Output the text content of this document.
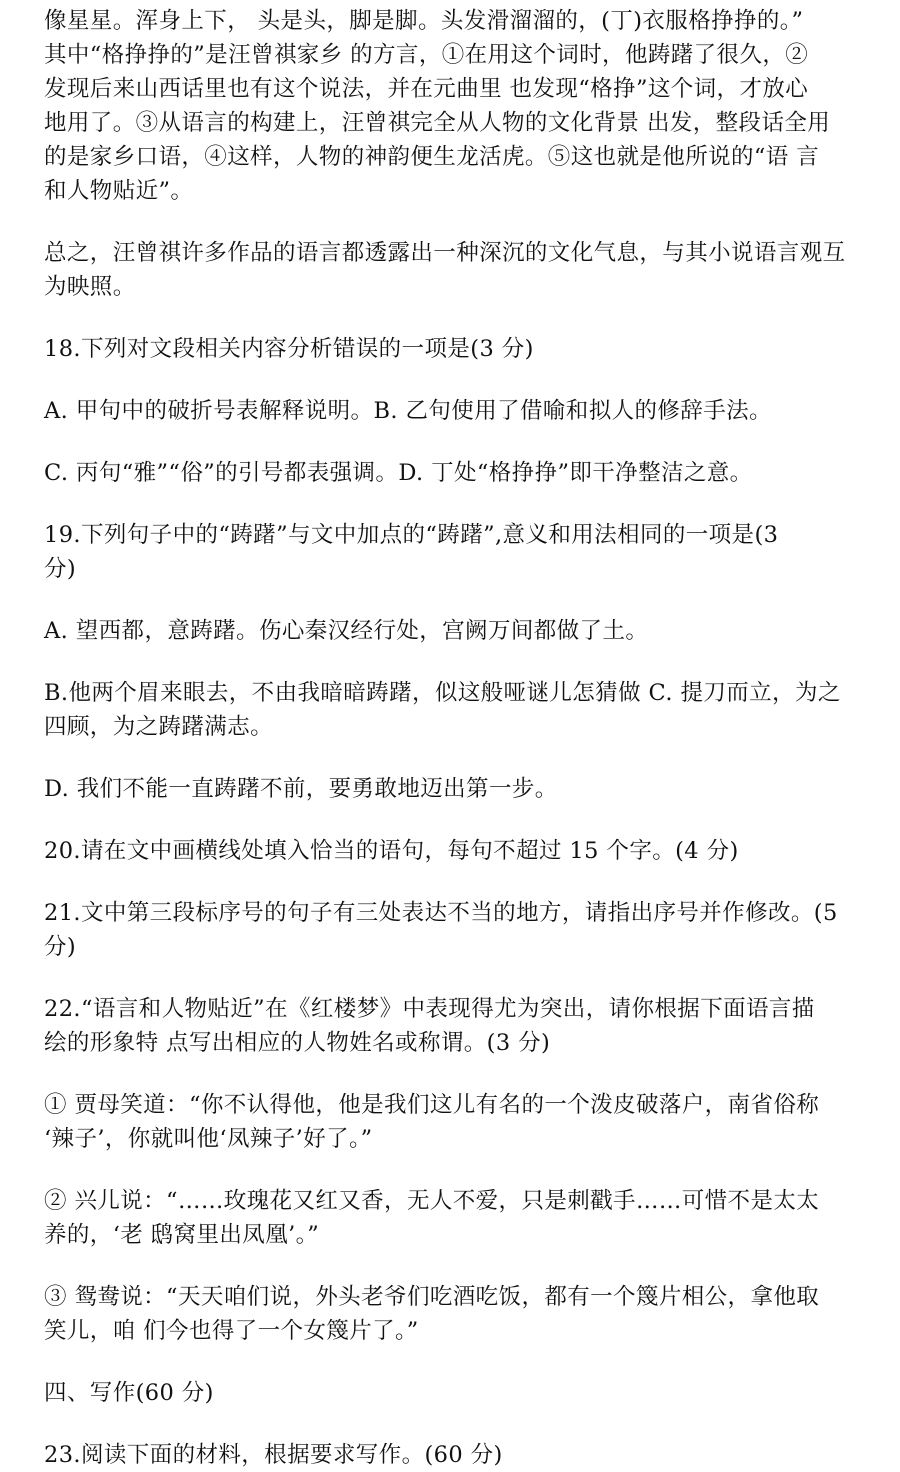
像星星。浑身上下， 头是头，脚是脚。头发滑溜溜的，(丁)衣服格挣挣的。”
其中“格挣挣的”是汪曾祺家乡 的方言，①在用这个词时，他踌躇了很久，②
发现后来山西话里也有这个说法，并在元曲里 也发现“格挣”这个词，才放心
地用了。③从语言的构建上，汪曾祺完全从人物的文化背景 出发，整段话全用
的是家乡口语，④这样，人物的神韵便生龙活虎。⑤这也就是他所说的“语 言
和人物贴近”。
总之，汪曾祺许多作品的语言都透露出一种深沉的文化气息，与其小说语言观互
为映照。
18.下列对文段相关内容分析错误的一项是(3 分)
A. 甲句中的破折号表解释说明。B. 乙句使用了借喻和拟人的修辞手法。
C. 丙句“雅”“俗”的引号都表强调。D. 丁处“格挣挣”即干净整洁之意。
19.下列句子中的“踌躇”与文中加点的“踌躇”,意义和用法相同的一项是(3
分)
A. 望西都，意踌躇。伤心秦汉经行处，宫阙万间都做了土。
B.他两个眉来眼去，不由我暗暗踌躇，似这般哑谜儿怎猜做 C. 提刀而立，为之
四顾，为之踌躇满志。
D. 我们不能一直踌躇不前，要勇敢地迈出第一步。
20.请在文中画横线处填入恰当的语句，每句不超过 15 个字。(4 分)
21.文中第三段标序号的句子有三处表达不当的地方，请指出序号并作修改。(5
分)
22.“语言和人物贴近”在《红楼梦》中表现得尤为突出，请你根据下面语言描
绘的形象特 点写出相应的人物姓名或称谓。(3 分)
① 贾母笑道：“你不认得他，他是我们这儿有名的一个泼皮破落户，南省俗称
‘辣子’，你就叫他‘凤辣子’好了。”
② 兴儿说：“……玫瑰花又红又香，无人不爱，只是刺戳手……可惜不是太太
养的，‘老 鸱窝里出凤凰’。”
③ 鸳鸯说：“天天咱们说，外头老爷们吃酒吃饭，都有一个篾片相公，拿他取
笑儿，咱 们今也得了一个女篾片了。”
四、写作(60 分)
23.阅读下面的材料，根据要求写作。(60 分)
